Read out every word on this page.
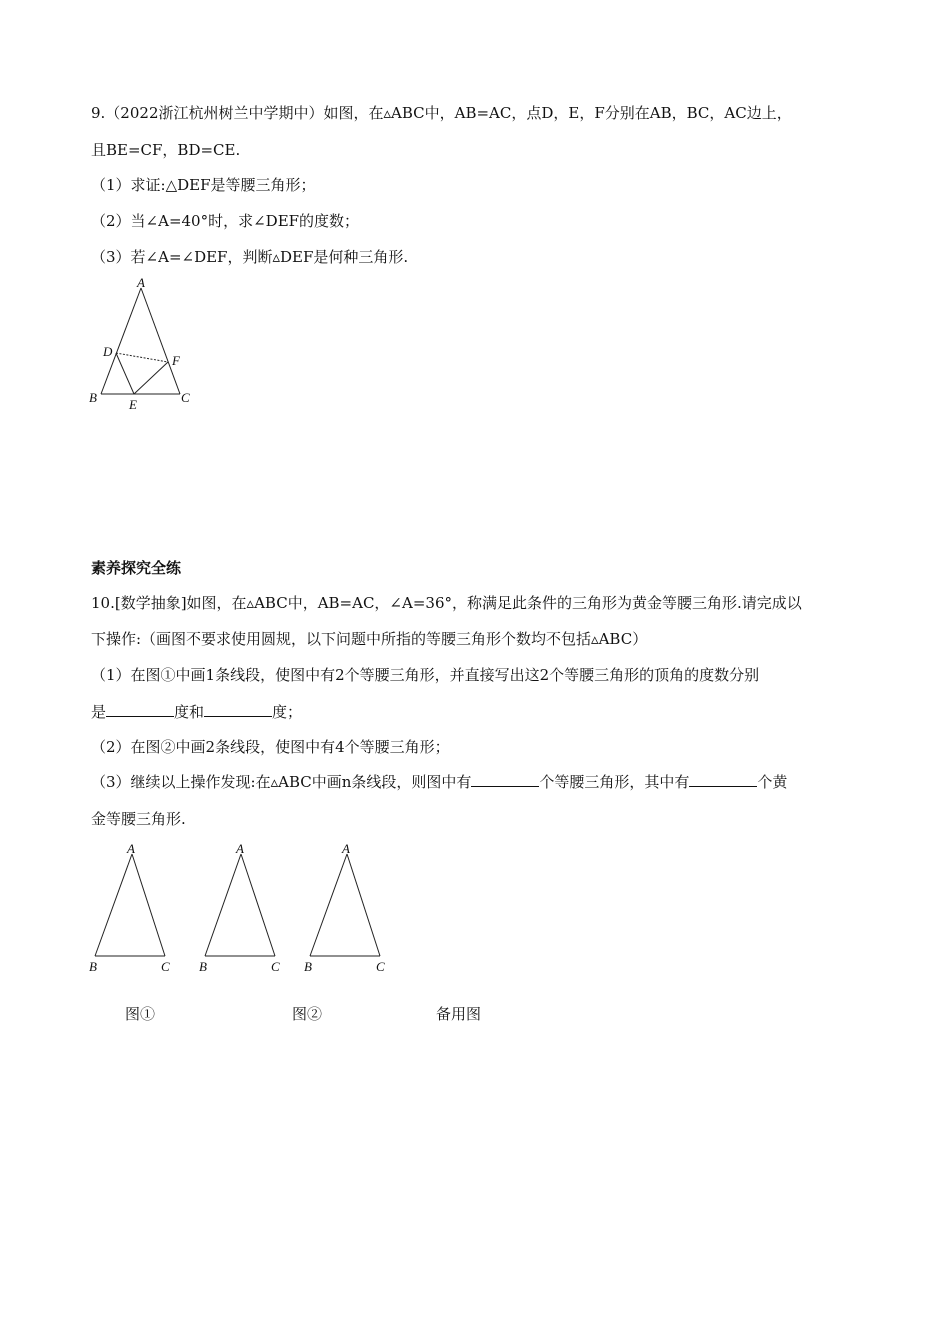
9.（2022浙江杭州树兰中学期中）如图，在▵ABC中，AB=AC，点D，E，F分别在AB，BC，AC边上，
且BE=CF，BD=CE.
（1）求证:△DEF是等腰三角形；
（2）当∠A=40°时，求∠DEF的度数；
（3）若∠A=∠DEF，判断▵DEF是何种三角形.
A
D
F
B E	C
素养探究全练
10.[数学抽象]如图，在▵ABC中，AB=AC，∠A=36°，称满足此条件的三角形为黄金等腰三角形.请完成以
下操作:（画图不要求使用圆规，以下问题中所指的等腰三角形个数均不包括▵ABC）
（1）在图①中画1条线段，使图中有2个等腰三角形，并直接写出这2个等腰三角形的顶角的度数分别
是	度和	度；
（2）在图②中画2条线段，使图中有4个等腰三角形；
（3）继续以上操作发现:在▵ABC中画n条线段，则图中有	个等腰三角形，其中有	个黄
金等腰三角形.
A
B	C
A
B	C
A
B	C
图①	图②	备用图
